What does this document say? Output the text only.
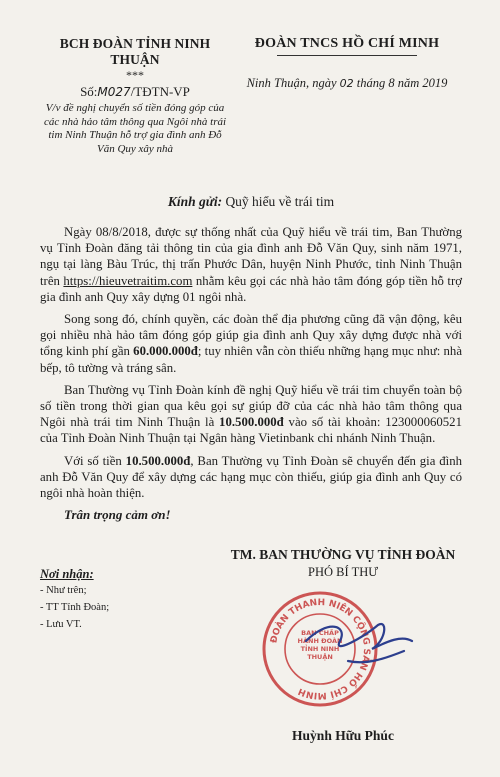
BCH ĐOÀN TỈNH NINH THUẬN
***
Số:M027/TĐTN-VP
V/v đề nghị chuyển số tiền đóng góp của các nhà hảo tâm thông qua Ngôi nhà trái tim Ninh Thuận hỗ trợ gia đình anh Đỗ Văn Quy xây nhà
ĐOÀN TNCS HỒ CHÍ MINH
Ninh Thuận, ngày 02 tháng 8 năm 2019
Kính gửi: Quỹ hiểu về trái tim

Ngày 08/8/2018, được sự thống nhất của Quỹ hiểu về trái tim, Ban Thường vụ Tỉnh Đoàn đăng tải thông tin của gia đình anh Đỗ Văn Quy, sinh năm 1971, ngụ tại làng Bàu Trúc, thị trấn Phước Dân, huyện Ninh Phước, tỉnh Ninh Thuận trên https://hieuvetraitim.com nhằm kêu gọi các nhà hảo tâm đóng góp tiền hỗ trợ gia đình anh Quy xây dựng 01 ngôi nhà.

Song song đó, chính quyền, các đoàn thể địa phương cũng đã vận động, kêu gọi nhiều nhà hảo tâm đóng góp giúp gia đình anh Quy xây dựng được nhà với tổng kinh phí gần 60.000.000đ; tuy nhiên vẫn còn thiếu những hạng mục như: nhà bếp, tô tường và tráng sân.

Ban Thường vụ Tỉnh Đoàn kính đề nghị Quỹ hiểu về trái tim chuyển toàn bộ số tiền trong thời gian qua kêu gọi sự giúp đỡ của các nhà hảo tâm thông qua Ngôi nhà trái tim Ninh Thuận là 10.500.000đ vào số tài khoản: 123000060521 của Tỉnh Đoàn Ninh Thuận tại Ngân hàng Vietinbank chi nhánh Ninh Thuận.

Với số tiền 10.500.000đ, Ban Thường vụ Tỉnh Đoàn sẽ chuyển đến gia đình anh Đỗ Văn Quy để xây dựng các hạng mục còn thiếu, giúp gia đình anh Quy có ngôi nhà hoàn thiện.

Trân trọng cảm ơn!

Nơi nhận:
- Như trên;
- TT Tỉnh Đoàn;
- Lưu VT.
TM. BAN THƯỜNG VỤ TỈNH ĐOÀN
PHÓ BÍ THƯ
ĐOÀN THANH NIÊN CỘNG SẢN HỒ CHÍ MINH
BAN CHẤP HÀNH ĐOÀN TỈNH NINH THUẬN
Huỳnh Hữu Phúc
